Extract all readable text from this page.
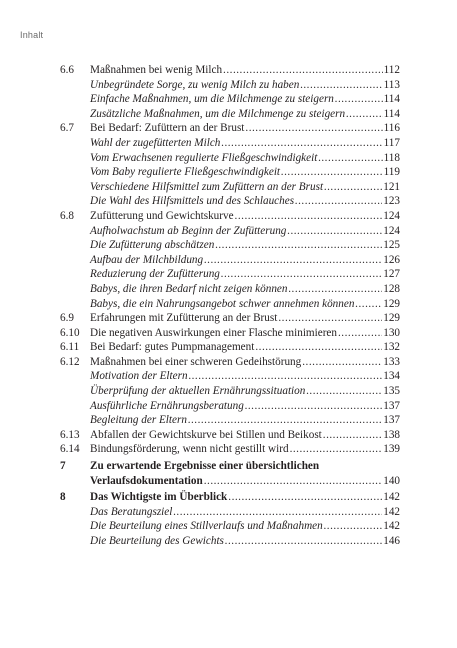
Inhalt
6.6	Maßnahmen bei wenig Milch .....	112
Unbegründete Sorge, zu wenig Milch zu haben .....	113
Einfache Maßnahmen, um die Milchmenge zu steigern .....	114
Zusätzliche Maßnahmen, um die Milchmenge zu steigern .....	114
6.7	Bei Bedarf: Zufüttern an der Brust .....	116
Wahl der zugefütterten Milch .....	117
Vom Erwachsenen regulierte Fließgeschwindigkeit .....	118
Vom Baby regulierte Fließgeschwindigkeit .....	119
Verschiedene Hilfsmittel zum Zufüttern an der Brust .....	121
Die Wahl des Hilfsmittels und des Schlauches .....	123
6.8	Zufütterung und Gewichtskurve .....	124
Aufholwachstum ab Beginn der Zufütterung .....	124
Die Zufütterung abschätzen .....	125
Aufbau der Milchbildung .....	126
Reduzierung der Zufütterung .....	127
Babys, die ihren Bedarf nicht zeigen können .....	128
Babys, die ein Nahrungsangebot schwer annehmen können .....	129
6.9	Erfahrungen mit Zufütterung an der Brust .....	129
6.10 Die negativen Auswirkungen einer Flasche minimieren .....	130
6.11 Bei Bedarf: gutes Pumpmanagement .....	132
6.12 Maßnahmen bei einer schweren Gedeihstörung .....	133
Motivation der Eltern .....	134
Überprüfung der aktuellen Ernährungssituation .....	135
Ausführliche Ernährungsberatung .....	137
Begleitung der Eltern .....	137
6.13 Abfallen der Gewichtskurve bei Stillen und Beikost .....	138
6.14 Bindungsförderung, wenn nicht gestillt wird .....	139
7	Zu erwartende Ergebnisse einer übersichtlichen
Verlaufsdokumentation .....	140
8	Das Wichtigste im Überblick .....	142
Das Beratungsziel .....	142
Die Beurteilung eines Stillverlaufs und Maßnahmen .....	142
Die Beurteilung des Gewichts .....	146
